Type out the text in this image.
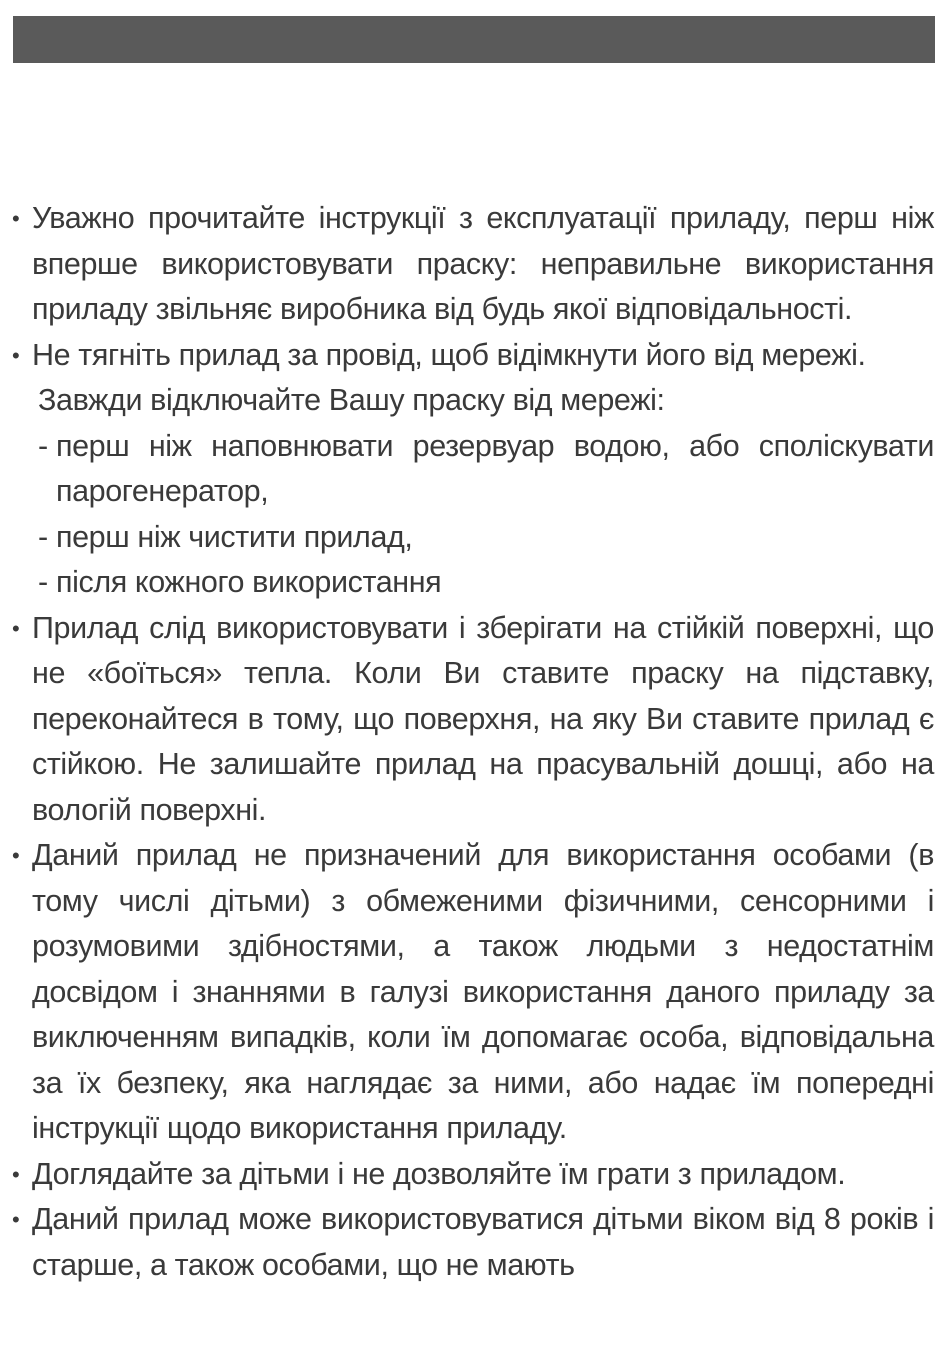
• Уважно прочитайте інструкції з експлуатації приладу, перш ніж вперше використовувати праску: неправильне використання приладу звільняє виробника від будь якої відповідальності.
• Не тягніть прилад за провід, щоб відімкнути його від мережі.
Завжди відключайте Вашу праску від мережі:
- перш ніж наповнювати резервуар водою, або споліскувати парогенератор,
- перш ніж чистити прилад,
- після кожного використання
• Прилад слід використовувати і зберігати на стійкій поверхні, що не «боїться» тепла. Коли Ви ставите праску на підставку, переконайтеся в тому, що поверхня, на яку Ви ставите прилад є стійкою. Не залишайте прилад на прасувальній дошці, або на вологій поверхні.
• Даний прилад не призначений для використання особами (в тому числі дітьми) з обмеженими фізичними, сенсорними і розумовими здібностями, а також людьми з недостатнім досвідом і знаннями в галузі використання даного приладу за виключенням випадків, коли їм допомагає особа, відповідальна за їх безпеку, яка наглядає за ними, або надає їм попередні інструкції щодо використання приладу.
• Доглядайте за дітьми і не дозволяйте їм грати з приладом.
• Даний прилад може використовуватися дітьми віком від 8 років і старше, а також особами, що не мають
